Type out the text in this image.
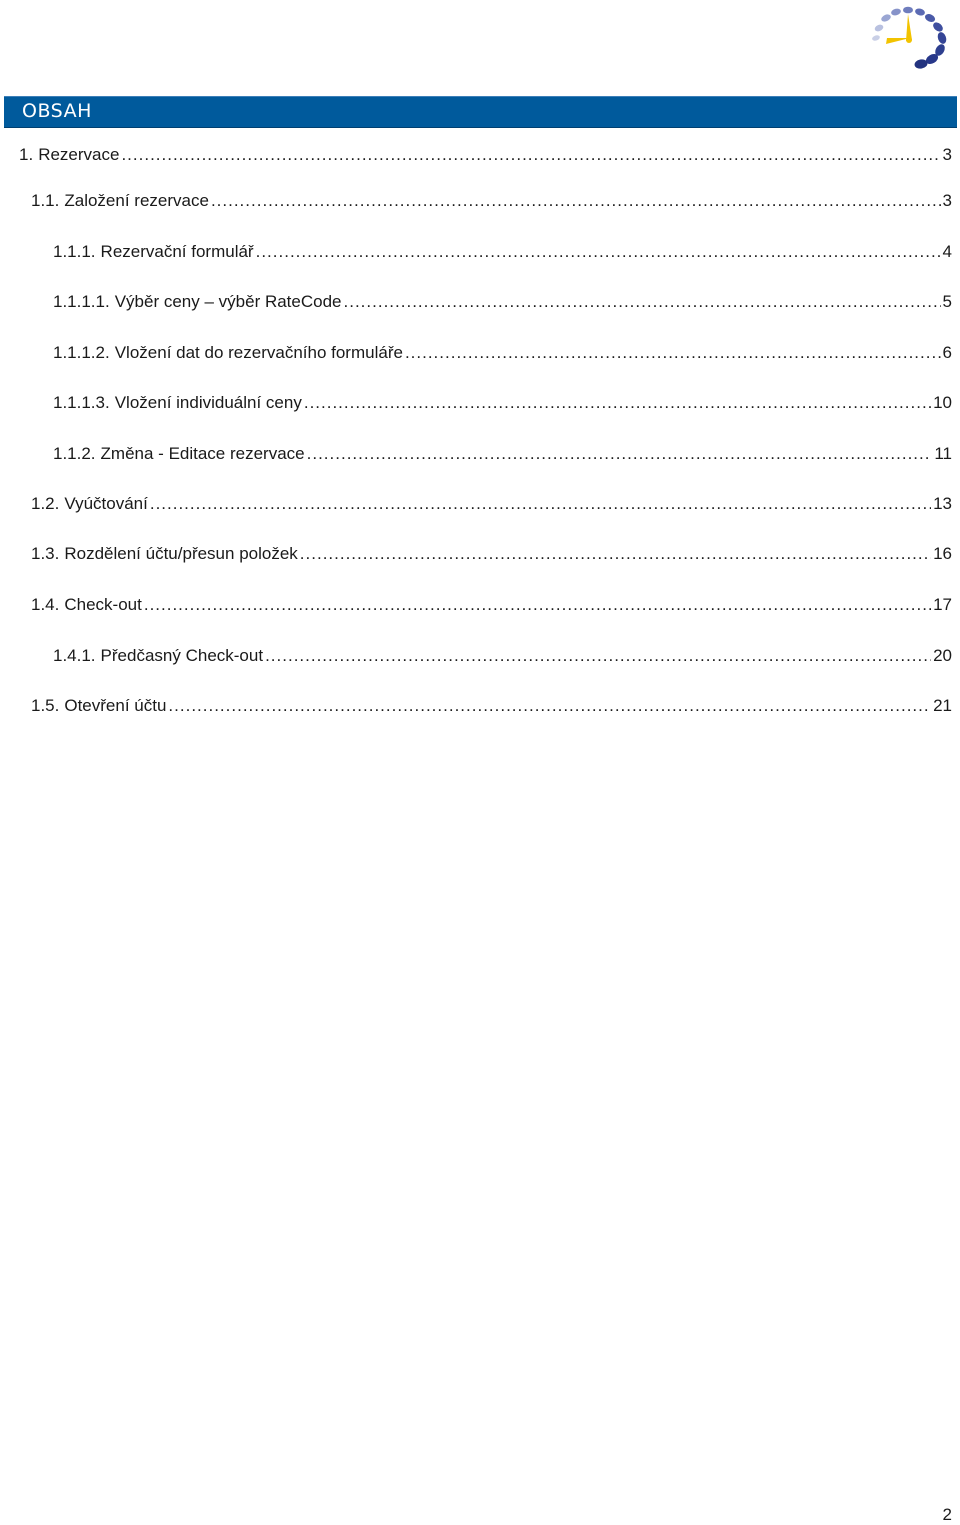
OBSAH
1. Rezervace .....	3
1.1. Založení rezervace .....	3
1.1.1. Rezervační formulář .....	4
1.1.1.1. Výběr ceny – výběr RateCode .....	5
1.1.1.2. Vložení dat do rezervačního formuláře .....	6
1.1.1.3. Vložení individuální ceny .....	10
1.1.2. Změna - Editace rezervace .....	11
1.2. Vyúčtování .....	13
1.3. Rozdělení účtu/přesun položek .....	16
1.4. Check-out .....	17
1.4.1. Předčasný Check-out .....	20
1.5. Otevření účtu .....	21
2
